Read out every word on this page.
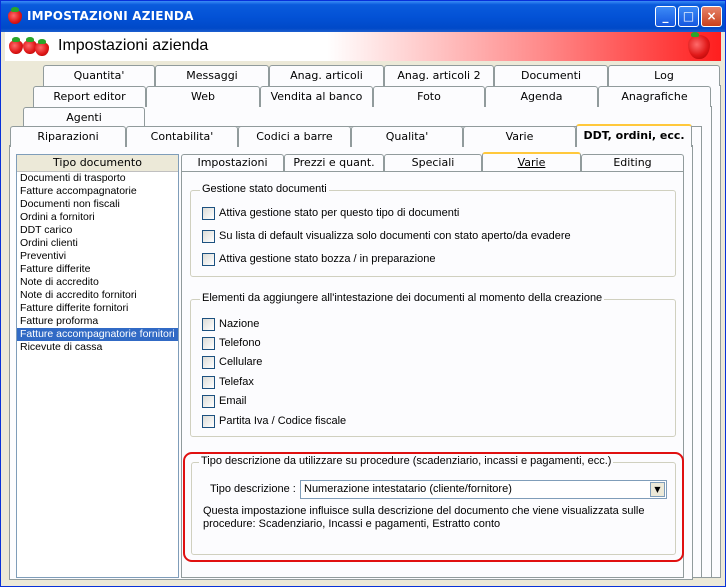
IMPOSTAZIONI AZIENDA	_	□	×
Impostazioni azienda
Quantita'	Messaggi	Anag. articoli	Anag. articoli 2	Documenti	Log
Report editor	Web	Vendita al banco	Foto	Agenda	Anagrafiche
Agenti
Riparazioni	Contabilita'	Codici a barre	Qualita'	Varie	DDT, ordini, ecc.
Tipo documento
Documenti di trasporto
Fatture accompagnatorie
Documenti non fiscali
Ordini a fornitori
DDT carico
Ordini clienti
Preventivi
Fatture differite
Note di accredito
Note di accredito fornitori
Fatture differite fornitori
Fatture proforma
Fatture accompagnatorie fornitori
Ricevute di cassa
Impostazioni	Prezzi e quant.	Speciali	Varie	Editing
Gestione stato documenti
Attiva gestione stato per questo tipo di documenti
Su lista di default visualizza solo documenti con stato aperto/da evadere
Attiva gestione stato bozza / in preparazione
Elementi da aggiungere all'intestazione dei documenti al momento della creazione
Nazione
Telefono
Cellulare
Telefax
Email
Partita Iva / Codice fiscale
Tipo descrizione da utilizzare su procedure (scadenziario, incassi e pagamenti, ecc.)
Tipo descrizione : Numerazione intestatario (cliente/fornitore)	▼
Questa impostazione influisce sulla descrizione del documento che viene visualizzata sulle
procedure: Scadenziario, Incassi e pagamenti, Estratto conto
